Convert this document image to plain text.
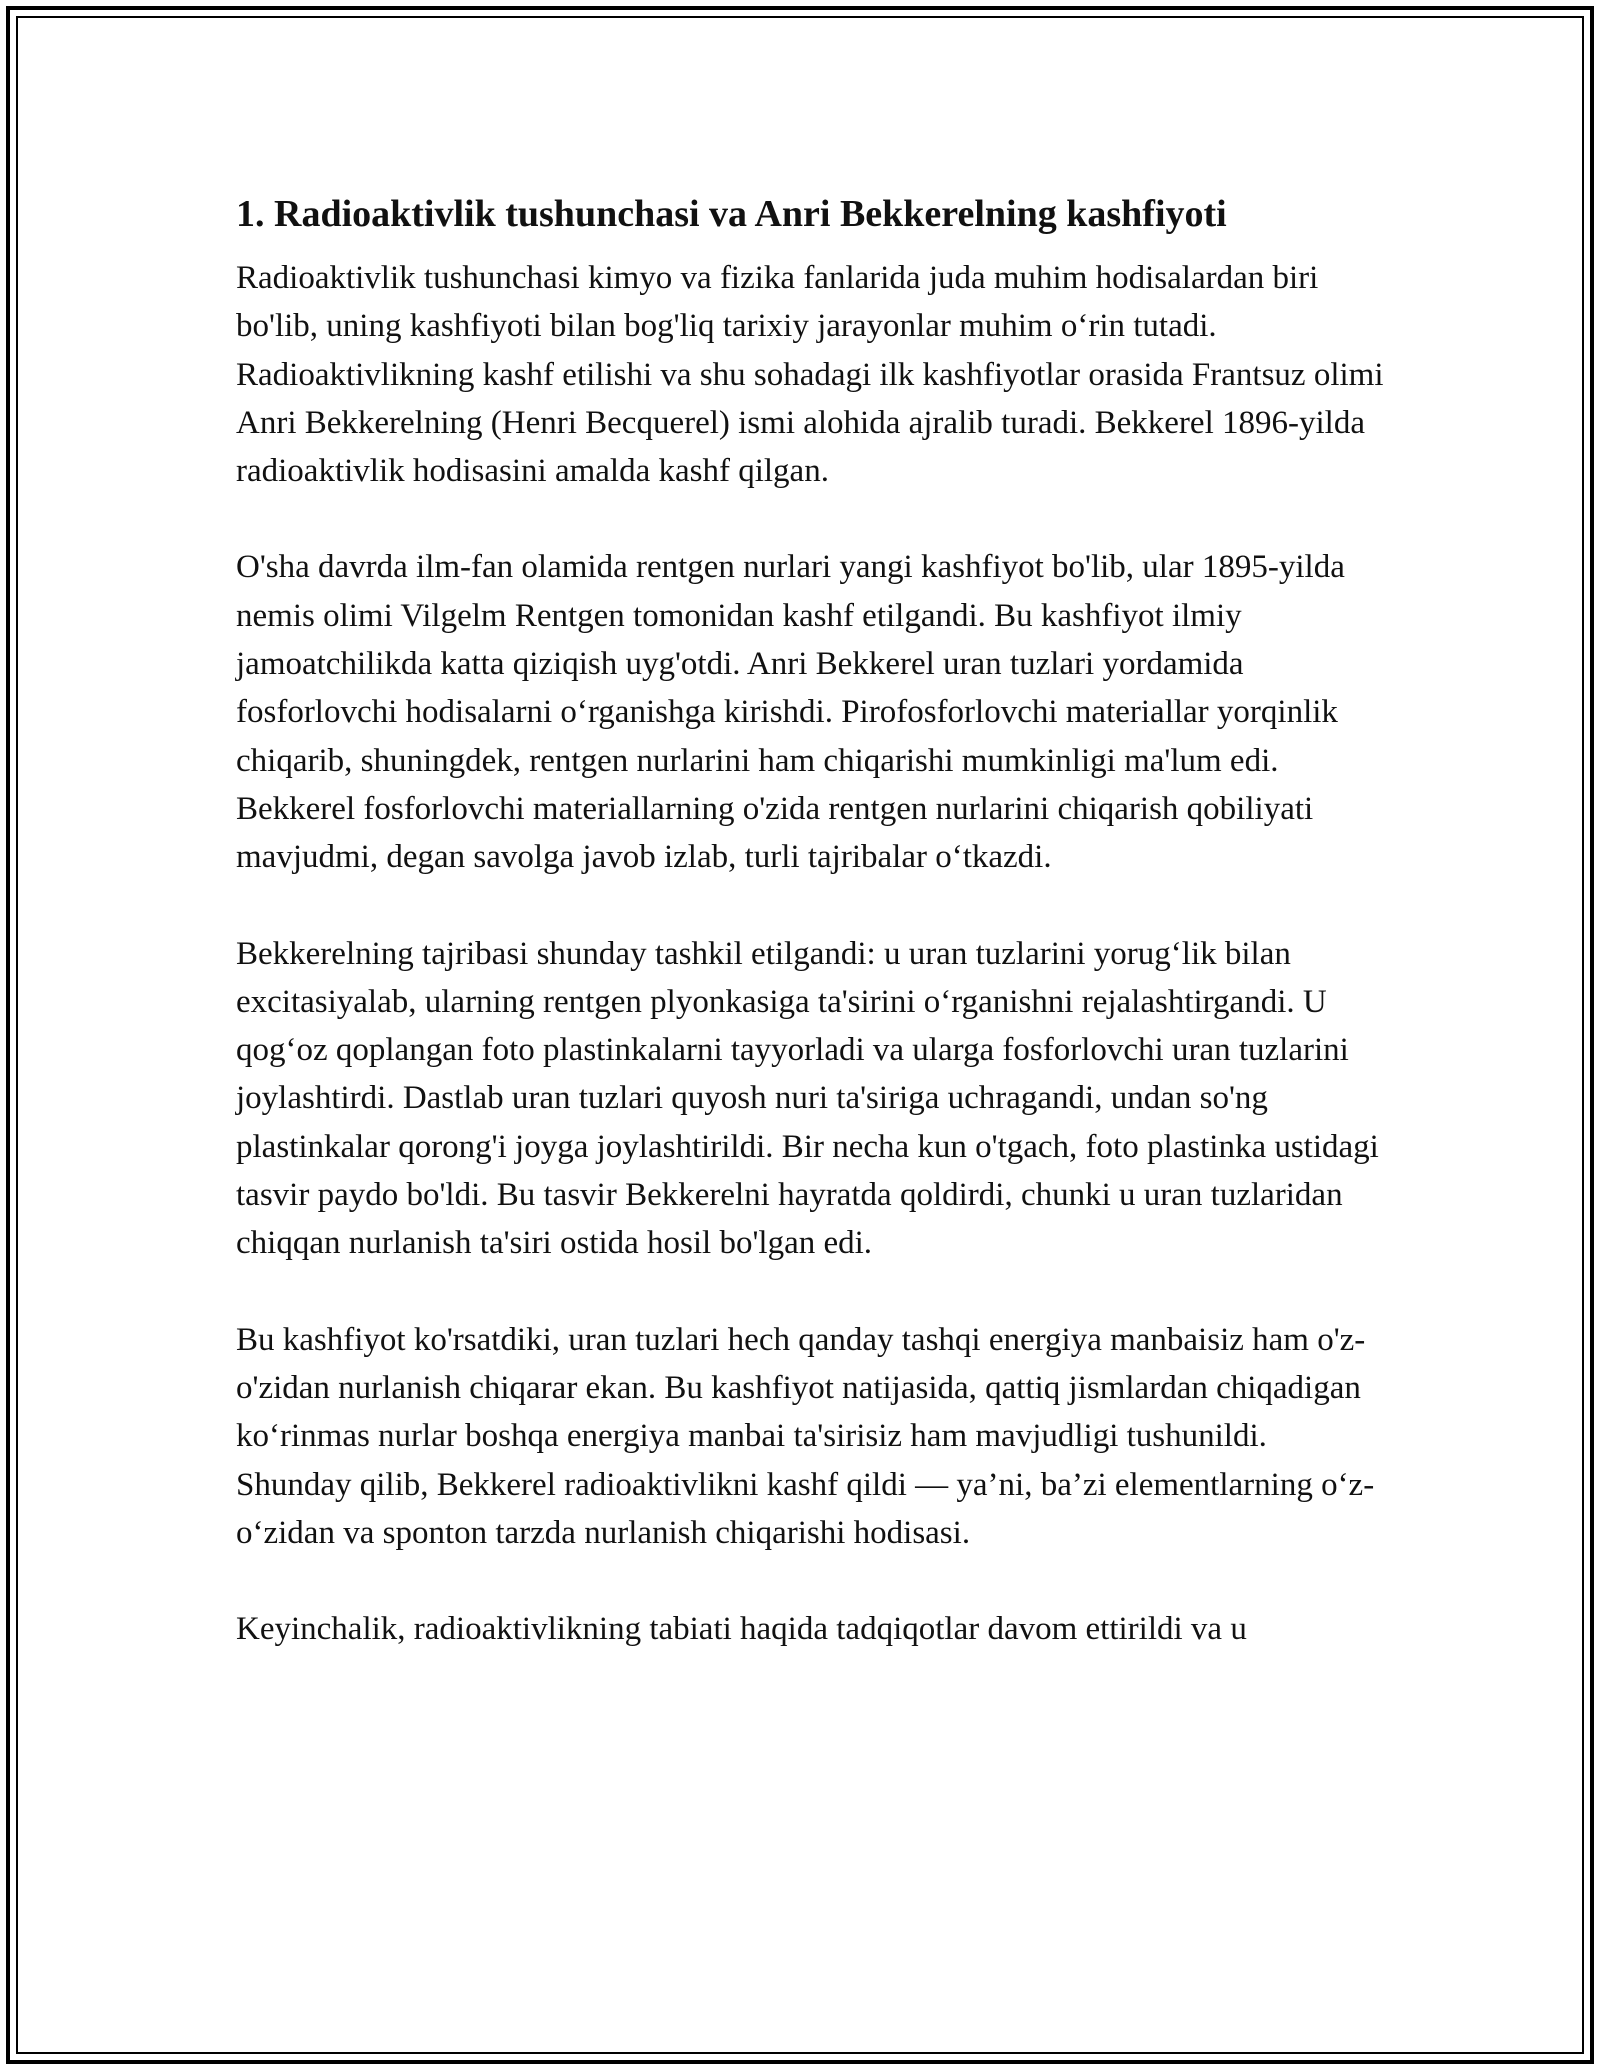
1. Radioaktivlik tushunchasi va Anri Bekkerelning kashfiyoti

Radioaktivlik tushunchasi kimyo va fizika fanlarida juda muhim hodisalardan biri bo'lib, uning kashfiyoti bilan bog'liq tarixiy jarayonlar muhim o‘rin tutadi. Radioaktivlikning kashf etilishi va shu sohadagi ilk kashfiyotlar orasida Frantsuz olimi Anri Bekkerelning (Henri Becquerel) ismi alohida ajralib turadi. Bekkerel 1896-yilda radioaktivlik hodisasini amalda kashf qilgan.

O'sha davrda ilm-fan olamida rentgen nurlari yangi kashfiyot bo'lib, ular 1895-yilda nemis olimi Vilgelm Rentgen tomonidan kashf etilgandi. Bu kashfiyot ilmiy jamoatchilikda katta qiziqish uyg'otdi. Anri Bekkerel uran tuzlari yordamida fosforlovchi hodisalarni o‘rganishga kirishdi. Pirofosforlovchi materiallar yorqinlik chiqarib, shuningdek, rentgen nurlarini ham chiqarishi mumkinligi ma'lum edi. Bekkerel fosforlovchi materiallarning o'zida rentgen nurlarini chiqarish qobiliyati mavjudmi, degan savolga javob izlab, turli tajribalar o‘tkazdi.

Bekkerelning tajribasi shunday tashkil etilgandi: u uran tuzlarini yorug‘lik bilan excitasiyalab, ularning rentgen plyonkasiga ta'sirini o‘rganishni rejalashtirgandi. U qog‘oz qoplangan foto plastinkalarni tayyorladi va ularga fosforlovchi uran tuzlarini joylashtirdi. Dastlab uran tuzlari quyosh nuri ta'siriga uchragandi, undan so'ng plastinkalar qorong'i joyga joylashtirildi. Bir necha kun o'tgach, foto plastinka ustidagi tasvir paydo bo'ldi. Bu tasvir Bekkerelni hayratda qoldirdi, chunki u uran tuzlaridan chiqqan nurlanish ta'siri ostida hosil bo'lgan edi.

Bu kashfiyot ko'rsatdiki, uran tuzlari hech qanday tashqi energiya manbaisiz ham o'z-o'zidan nurlanish chiqarar ekan. Bu kashfiyot natijasida, qattiq jismlardan chiqadigan ko‘rinmas nurlar boshqa energiya manbai ta'sirisiz ham mavjudligi tushunildi. Shunday qilib, Bekkerel radioaktivlikni kashf qildi — ya’ni, ba’zi elementlarning o‘z-o‘zidan va sponton tarzda nurlanish chiqarishi hodisasi.

Keyinchalik, radioaktivlikning tabiati haqida tadqiqotlar davom ettirildi va u
